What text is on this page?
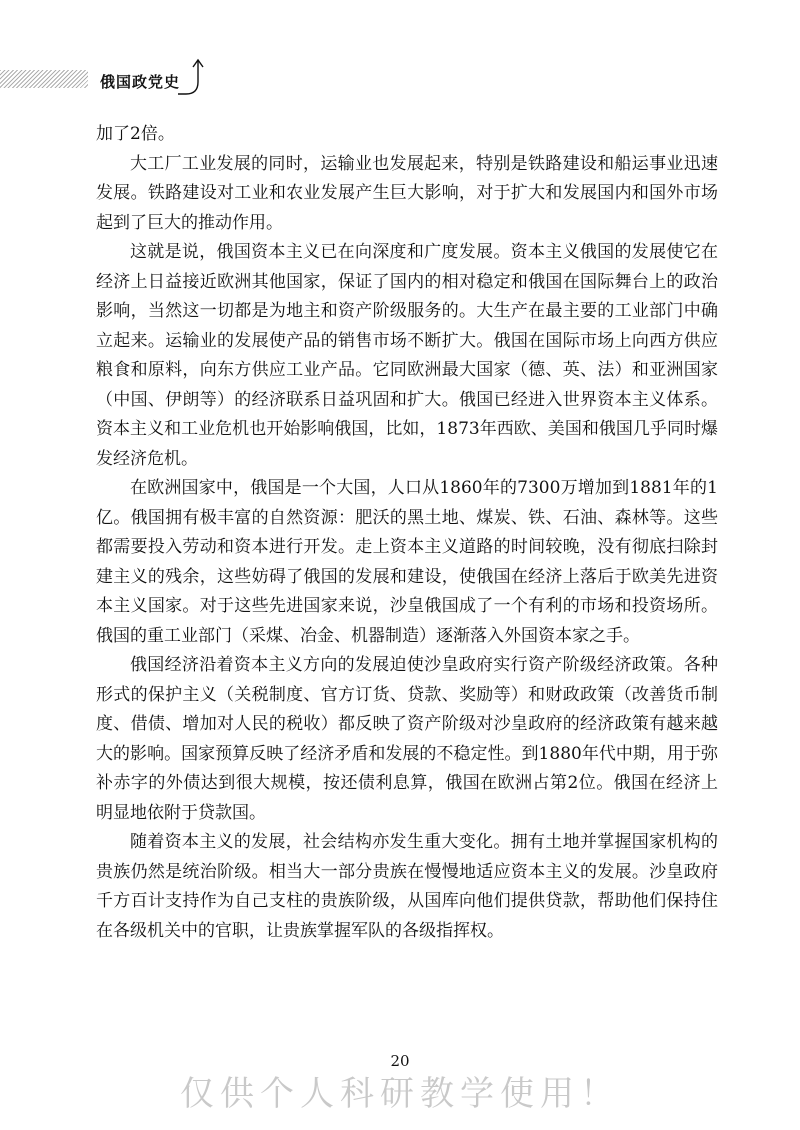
俄国政党史

加了2倍。

大工厂工业发展的同时，运输业也发展起来，特别是铁路建设和船运事业迅速发展。铁路建设对工业和农业发展产生巨大影响，对于扩大和发展国内和国外市场起到了巨大的推动作用。

这就是说，俄国资本主义已在向深度和广度发展。资本主义俄国的发展使它在经济上日益接近欧洲其他国家，保证了国内的相对稳定和俄国在国际舞台上的政治影响，当然这一切都是为地主和资产阶级服务的。大生产在最主要的工业部门中确立起来。运输业的发展使产品的销售市场不断扩大。俄国在国际市场上向西方供应粮食和原料，向东方供应工业产品。它同欧洲最大国家（德、英、法）和亚洲国家（中国、伊朗等）的经济联系日益巩固和扩大。俄国已经进入世界资本主义体系。资本主义和工业危机也开始影响俄国，比如，1873年西欧、美国和俄国几乎同时爆发经济危机。

在欧洲国家中，俄国是一个大国，人口从1860年的7300万增加到1881年的1亿。俄国拥有极丰富的自然资源：肥沃的黑土地、煤炭、铁、石油、森林等。这些都需要投入劳动和资本进行开发。走上资本主义道路的时间较晚，没有彻底扫除封建主义的残余，这些妨碍了俄国的发展和建设，使俄国在经济上落后于欧美先进资本主义国家。对于这些先进国家来说，沙皇俄国成了一个有利的市场和投资场所。俄国的重工业部门（采煤、冶金、机器制造）逐渐落入外国资本家之手。

俄国经济沿着资本主义方向的发展迫使沙皇政府实行资产阶级经济政策。各种形式的保护主义（关税制度、官方订货、贷款、奖励等）和财政政策（改善货币制度、借债、增加对人民的税收）都反映了资产阶级对沙皇政府的经济政策有越来越大的影响。国家预算反映了经济矛盾和发展的不稳定性。到1880年代中期，用于弥补赤字的外债达到很大规模，按还债利息算，俄国在欧洲占第2位。俄国在经济上明显地依附于贷款国。

随着资本主义的发展，社会结构亦发生重大变化。拥有土地并掌握国家机构的贵族仍然是统治阶级。相当大一部分贵族在慢慢地适应资本主义的发展。沙皇政府千方百计支持作为自己支柱的贵族阶级，从国库向他们提供贷款，帮助他们保持住在各级机关中的官职，让贵族掌握军队的各级指挥权。

20
仅供个人科研教学使用！
